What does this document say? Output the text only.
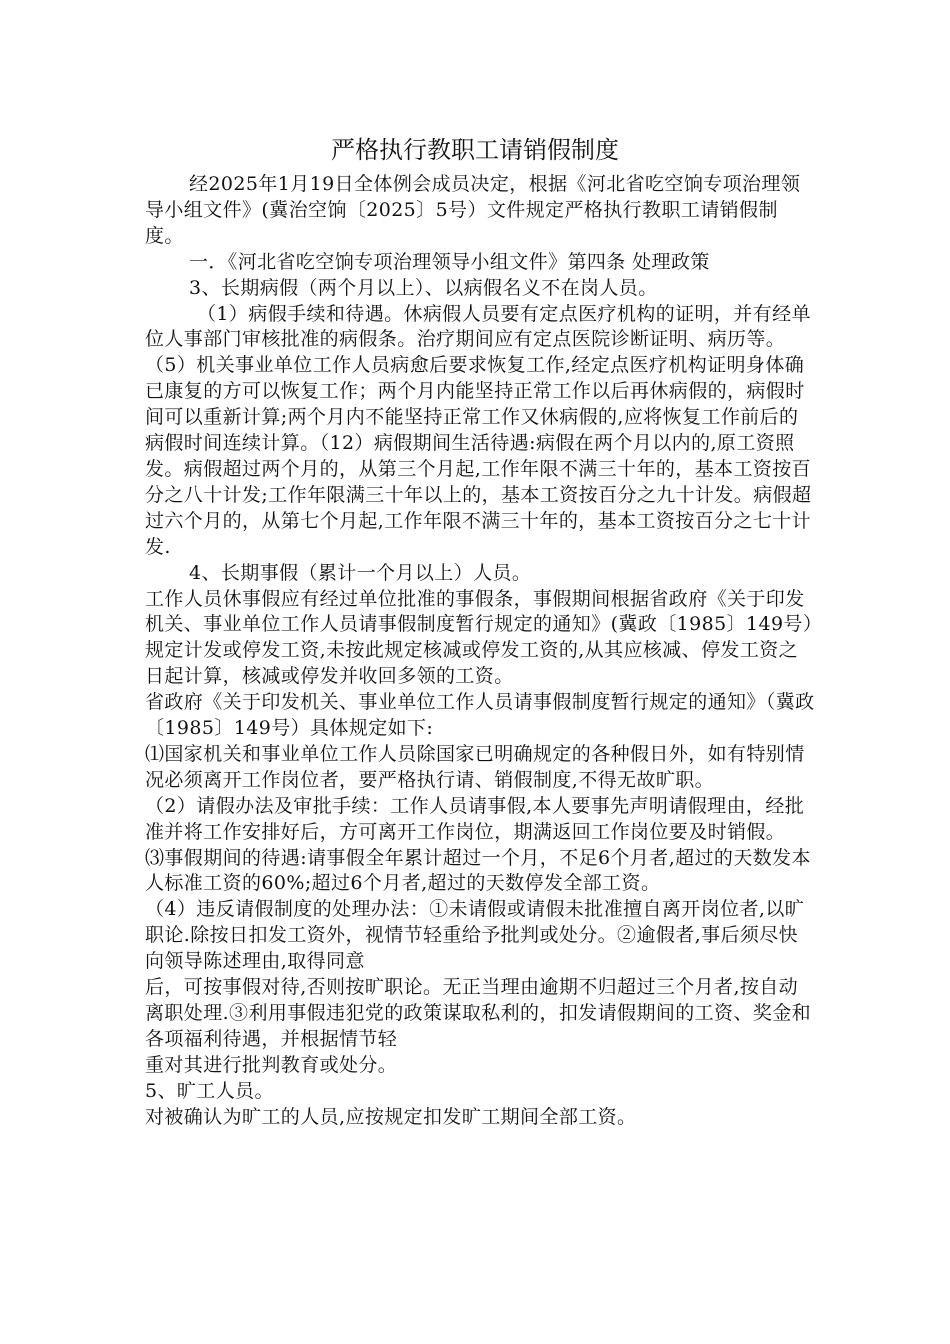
严格执行教职工请销假制度

经2025年1月19日全体例会成员决定，根据《河北省吃空饷专项治理领导小组文件》(冀治空饷〔2025〕5号）文件规定严格执行教职工请销假制度。

一．《河北省吃空饷专项治理领导小组文件》第四条 处理政策

3、长期病假（两个月以上）、以病假名义不在岗人员。

（1）病假手续和待遇。休病假人员要有定点医疗机构的证明，并有经单位人事部门审核批准的病假条。治疗期间应有定点医院诊断证明、病历等。（5）机关事业单位工作人员病愈后要求恢复工作,经定点医疗机构证明身体确已康复的方可以恢复工作；两个月内能坚持正常工作以后再休病假的，病假时间可以重新计算;两个月内不能坚持正常工作又休病假的,应将恢复工作前后的病假时间连续计算。（12）病假期间生活待遇:病假在两个月以内的,原工资照发。病假超过两个月的，从第三个月起,工作年限不满三十年的，基本工资按百分之八十计发;工作年限满三十年以上的，基本工资按百分之九十计发。病假超过六个月的，从第七个月起,工作年限不满三十年的，基本工资按百分之七十计发.

4、长期事假（累计一个月以上）人员。

工作人员休事假应有经过单位批准的事假条，事假期间根据省政府《关于印发机关、事业单位工作人员请事假制度暂行规定的通知》(冀政〔1985〕149号）规定计发或停发工资,未按此规定核减或停发工资的,从其应核减、停发工资之日起计算，核减或停发并收回多领的工资。

省政府《关于印发机关、事业单位工作人员请事假制度暂行规定的通知》（冀政〔1985〕149号）具体规定如下:

⑴国家机关和事业单位工作人员除国家已明确规定的各种假日外，如有特别情况必须离开工作岗位者，要严格执行请、销假制度,不得无故旷职。

（2）请假办法及审批手续：工作人员请事假,本人要事先声明请假理由，经批准并将工作安排好后，方可离开工作岗位，期满返回工作岗位要及时销假。

⑶事假期间的待遇:请事假全年累计超过一个月，不足6个月者,超过的天数发本人标准工资的60%;超过6个月者,超过的天数停发全部工资。

（4）违反请假制度的处理办法：①未请假或请假未批准擅自离开岗位者,以旷职论.除按日扣发工资外，视情节轻重给予批判或处分。②逾假者,事后须尽快向领导陈述理由,取得同意

后，可按事假对待,否则按旷职论。无正当理由逾期不归超过三个月者,按自动离职处理.③利用事假违犯党的政策谋取私利的，扣发请假期间的工资、奖金和各项福利待遇，并根据情节轻

重对其进行批判教育或处分。

5、旷工人员。

对被确认为旷工的人员,应按规定扣发旷工期间全部工资。
